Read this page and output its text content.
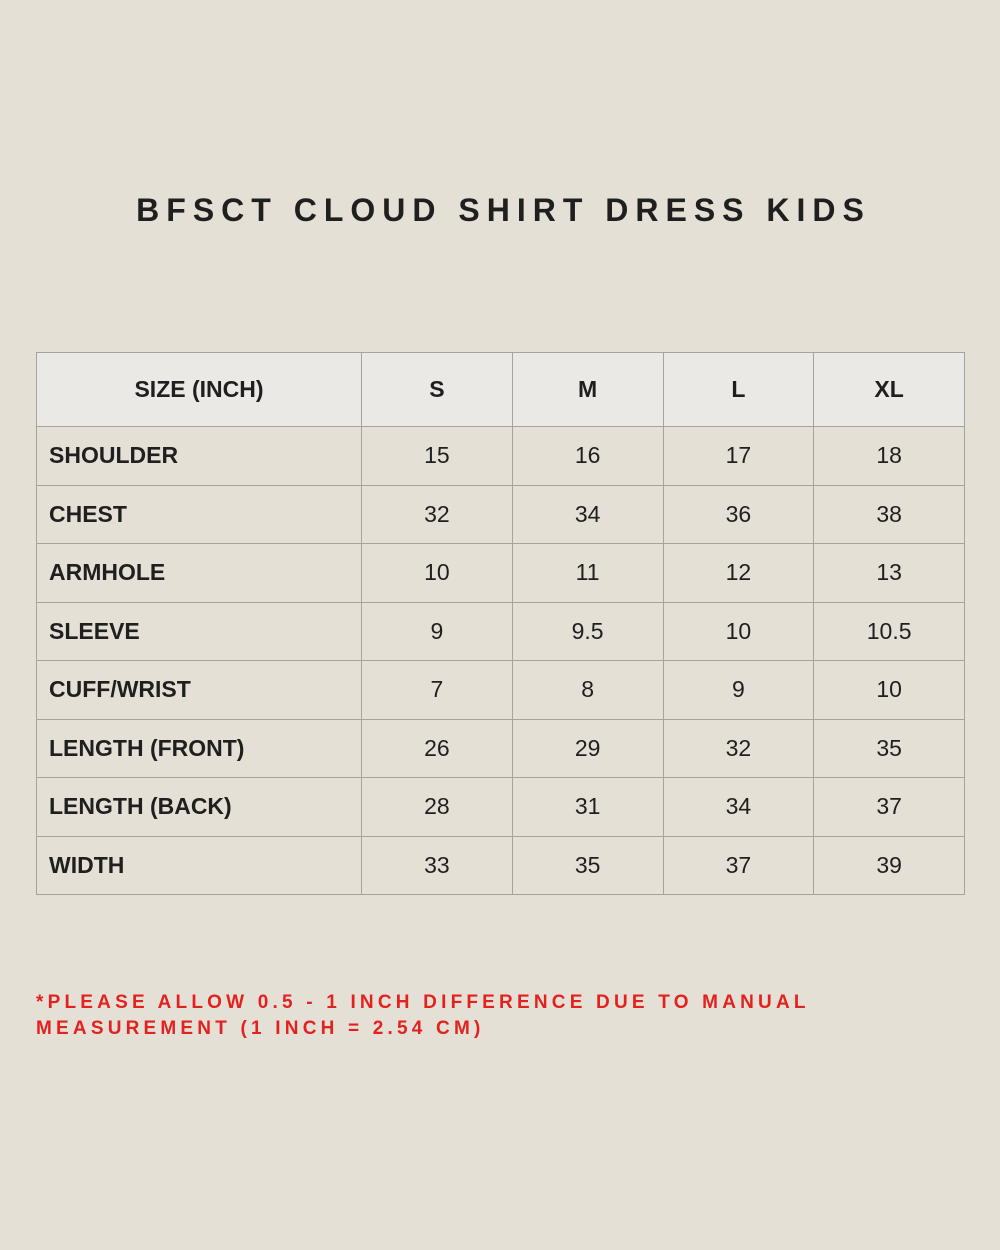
BFSCT CLOUD SHIRT DRESS KIDS
SIZE (INCH)	S	M	L	XL
SHOULDER	15	16	17	18
CHEST	32	34	36	38
ARMHOLE	10	11	12	13
SLEEVE	9	9.5	10	10.5
CUFF/WRIST	7	8	9	10
LENGTH (FRONT)	26	29	32	35
LENGTH (BACK)	28	31	34	37
WIDTH	33	35	37	39

*PLEASE ALLOW 0.5 - 1 INCH DIFFERENCE DUE TO MANUAL
MEASUREMENT (1 INCH = 2.54 CM)
